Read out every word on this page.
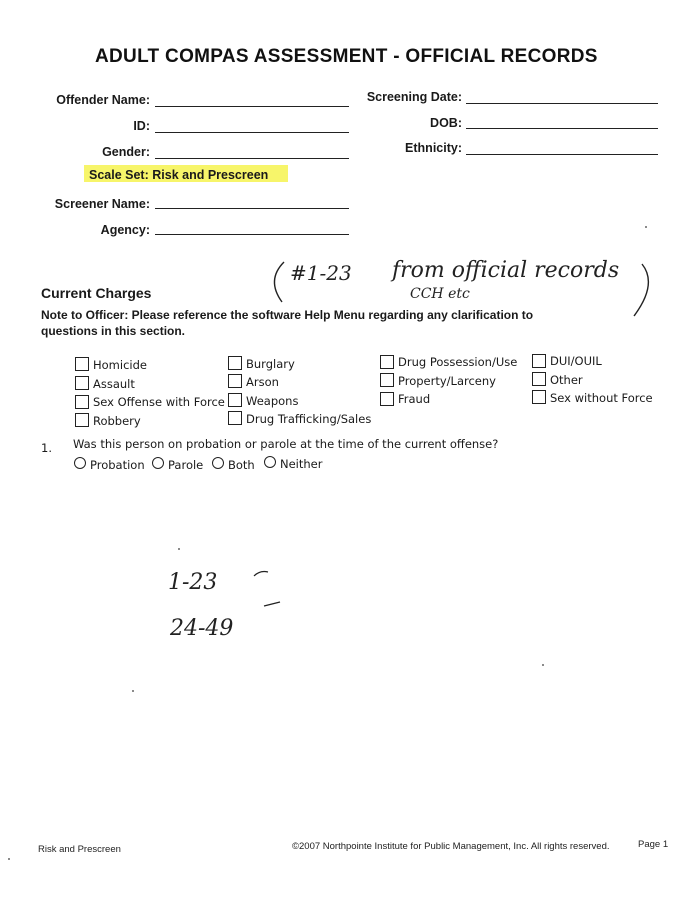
ADULT COMPAS ASSESSMENT - OFFICIAL RECORDS
Offender Name:
ID:
Gender:
Screening Date:
DOB:
Ethnicity:
Scale Set: Risk and Prescreen
Screener Name:
Agency:
#1-23 from official records
CCH etc
Current Charges
Note to Officer: Please reference the software Help Menu regarding any clarification to
questions in this section.
Homicide
Assault
Sex Offense with Force
Robbery
Burglary
Arson
Weapons
Drug Trafficking/Sales
Drug Possession/Use
Property/Larceny
Fraud
DUI/OUIL
Other
Sex without Force
1. Was this person on probation or parole at the time of the current offense?
Probation Parole Both Neither
1-23
24-49
Risk and Prescreen	©2007 Northpointe Institute for Public Management, Inc. All rights reserved.	Page 1
